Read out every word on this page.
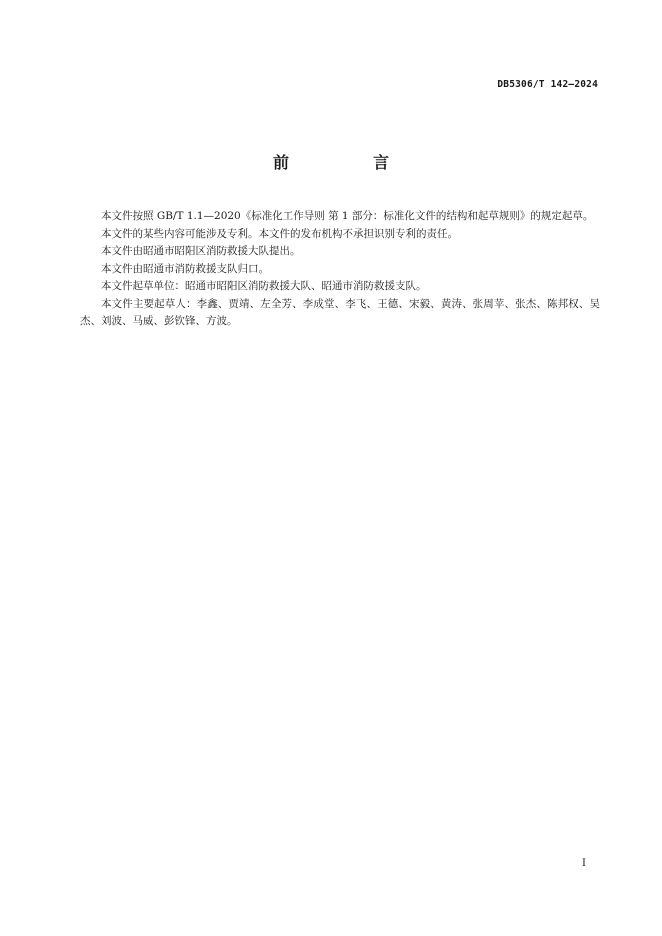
DB5306/T 142—2024
前　言

本文件按照 GB/T 1.1—2020《标准化工作导则 第 1 部分：标准化文件的结构和起草规则》的规定起草。

本文件的某些内容可能涉及专利。本文件的发布机构不承担识别专利的责任。

本文件由昭通市昭阳区消防救援大队提出。

本文件由昭通市消防救援支队归口。

本文件起草单位：昭通市昭阳区消防救援大队、昭通市消防救援支队。

本文件主要起草人：李鑫、贾靖、左全芳、李成堂、李飞、王德、宋毅、黄涛、张周苹、张杰、陈邦权、吴杰、刘波、马威、彭钦锋、方波。

I
